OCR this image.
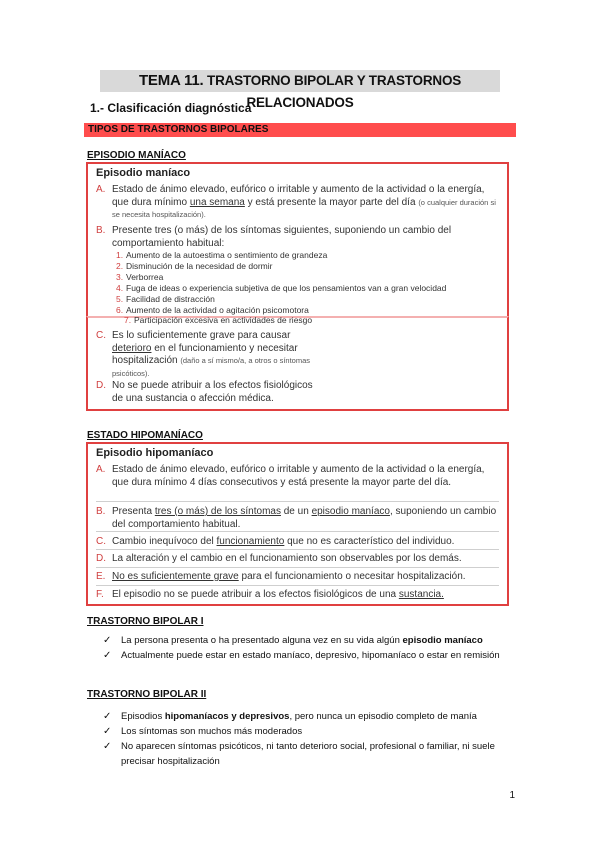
TEMA 11. TRASTORNO BIPOLAR Y TRASTORNOS RELACIONADOS
1.- Clasificación diagnóstica
TIPOS DE TRASTORNOS BIPOLARES
EPISODIO MANÍACO
Episodio maníaco
A. Estado de ánimo elevado, eufórico o irritable y aumento de la actividad o la energía, que dura mínimo una semana y está presente la mayor parte del día (o cualquier duración si se necesita hospitalización).
B. Presente tres (o más) de los síntomas siguientes, suponiendo un cambio del comportamiento habitual:
1. Aumento de la autoestima o sentimiento de grandeza
2. Disminución de la necesidad de dormir
3. Verborrea
4. Fuga de ideas o experiencia subjetiva de que los pensamientos van a gran velocidad
5. Facilidad de distracción
6. Aumento de la actividad o agitación psicomotora
7. Participación excesiva en actividades de riesgo
C. Es lo suficientemente grave para causar deterioro en el funcionamiento y necesitar hospitalización (daño a sí mismo/a, a otros o síntomas psicóticos).
D. No se puede atribuir a los efectos fisiológicos de una sustancia o afección médica.
ESTADO HIPOMANÍACO
Episodio hipomaníaco
A. Estado de ánimo elevado, eufórico o irritable y aumento de la actividad o la energía, que dura mínimo 4 días consecutivos y está presente la mayor parte del día.
B. Presenta tres (o más) de los síntomas de un episodio maníaco, suponiendo un cambio del comportamiento habitual.
C. Cambio inequívoco del funcionamiento que no es característico del individuo.
D. La alteración y el cambio en el funcionamiento son observables por los demás.
E. No es suficientemente grave para el funcionamiento o necesitar hospitalización.
F. El episodio no se puede atribuir a los efectos fisiológicos de una sustancia.
TRASTORNO BIPOLAR I
✓ La persona presenta o ha presentado alguna vez en su vida algún episodio maníaco
✓ Actualmente puede estar en estado maníaco, depresivo, hipomaníaco o estar en remisión
TRASTORNO BIPOLAR II
✓ Episodios hipomaníacos y depresivos, pero nunca un episodio completo de manía
✓ Los síntomas son muchos más moderados
✓ No aparecen síntomas psicóticos, ni tanto deterioro social, profesional o familiar, ni suele precisar hospitalización
1
